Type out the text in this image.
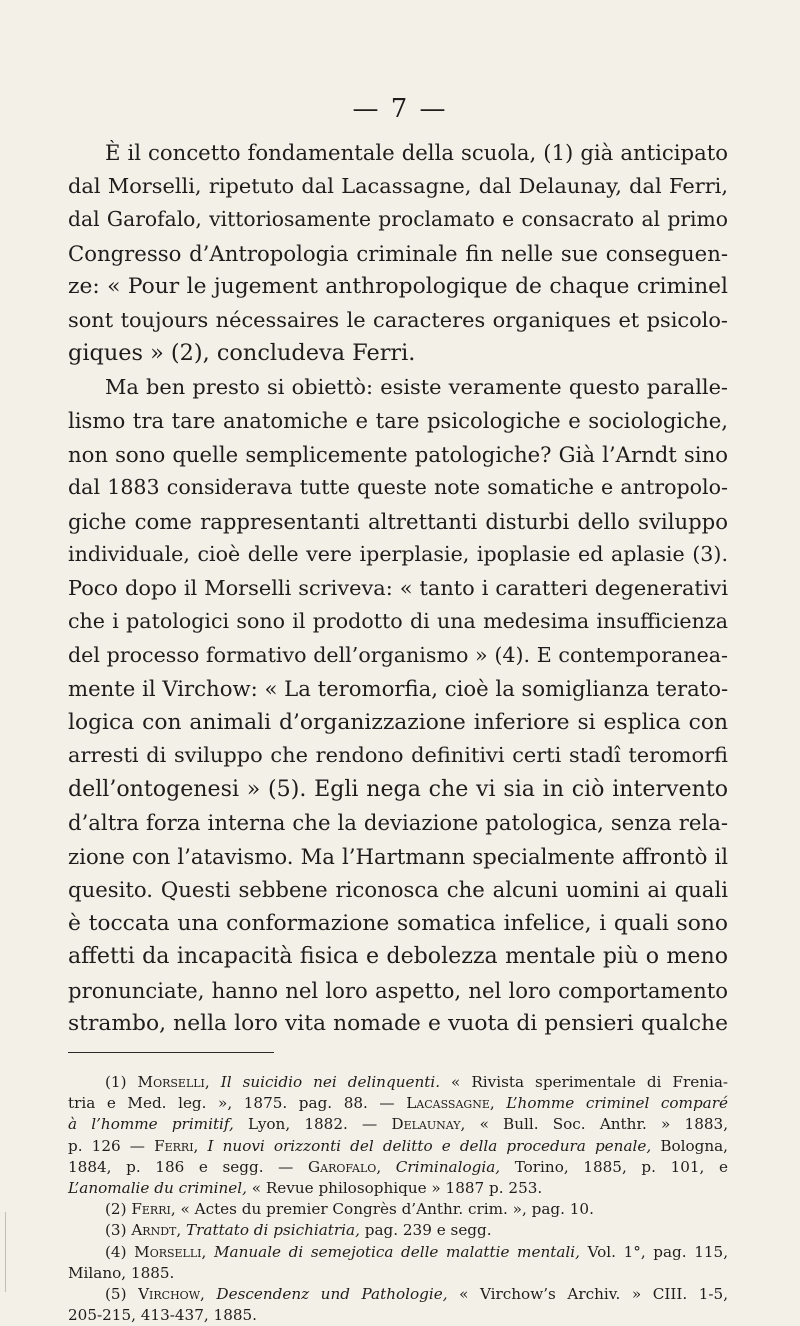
— 7 —

È il concetto fondamentale della scuola, (1) già anticipato

dal Morselli, ripetuto dal Lacassagne, dal Delaunay, dal Ferri,

dal Garofalo, vittoriosamente proclamato e consacrato al primo

Congresso d’Antropologia criminale fin nelle sue conseguen-

ze: « Pour le jugement anthropologique de chaque criminel

sont toujours nécessaires le caracteres organiques et psicolo-

giques » (2), concludeva Ferri.

Ma ben presto si obiettò: esiste veramente questo paralle-

lismo tra tare anatomiche e tare psicologiche e sociologiche,

non sono quelle semplicemente patologiche? Già l’Arndt sino

dal 1883 considerava tutte queste note somatiche e antropolo-

giche come rappresentanti altrettanti disturbi dello sviluppo

individuale, cioè delle vere iperplasie, ipoplasie ed aplasie (3).

Poco dopo il Morselli scriveva: « tanto i caratteri degenerativi

che i patologici sono il prodotto di una medesima insufficienza

del processo formativo dell’organismo » (4). E contemporanea-

mente il Virchow: « La teromorfia, cioè la somiglianza terato-

logica con animali d’organizzazione inferiore si esplica con

arresti di sviluppo che rendono definitivi certi stadî teromorfi

dell’ontogenesi » (5). Egli nega che vi sia in ciò intervento

d’altra forza interna che la deviazione patologica, senza rela-

zione con l’atavismo. Ma l’Hartmann specialmente affrontò il

quesito. Questi sebbene riconosca che alcuni uomini ai quali

è toccata una conformazione somatica infelice, i quali sono

affetti da incapacità fisica e debolezza mentale più o meno

pronunciate, hanno nel loro aspetto, nel loro comportamento

strambo, nella loro vita nomade e vuota di pensieri qualche

(1) Morselli, Il suicidio nei delinquenti. « Rivista sperimentale di Frenia-

tria e Med. leg. », 1875. pag. 88. — Lacassagne, L’homme criminel comparé

à l’homme primitif, Lyon, 1882. — Delaunay, « Bull. Soc. Anthr. » 1883,

p. 126 — Ferri, I nuovi orizzonti del delitto e della procedura penale, Bologna,

1884, p. 186 e segg. — Garofalo, Criminalogia, Torino, 1885, p. 101, e

L’anomalie du criminel, « Revue philosophique » 1887 p. 253.

(2) Ferri, « Actes du premier Congrès d’Anthr. crim. », pag. 10.

(3) Arndt, Trattato di psichiatria, pag. 239 e segg.

(4) Morselli, Manuale di semejotica delle malattie mentali, Vol. 1°, pag. 115,

Milano, 1885.

(5) Virchow, Descendenz und Pathologie, « Virchow’s Archiv. » CIII. 1-5,

205-215, 413-437, 1885.
